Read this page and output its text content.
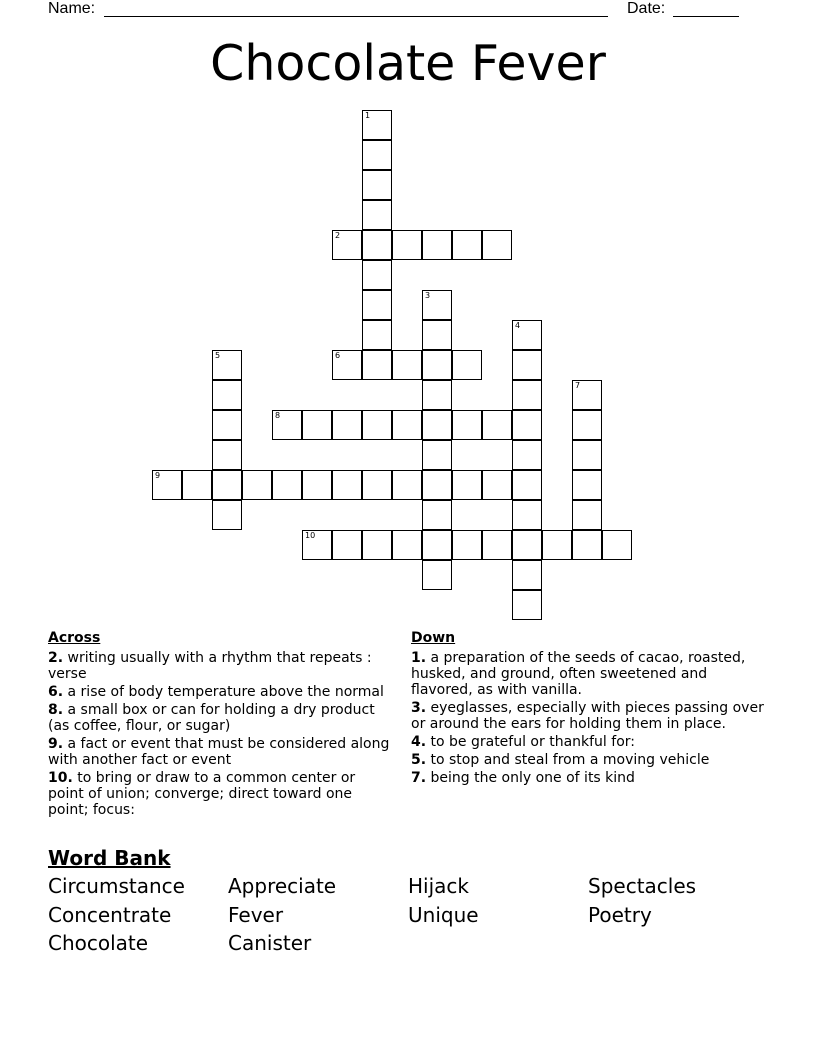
Name:	Date:
Chocolate Fever
1
2
3
4
5	6
7
8
9
10
Across
2. writing usually with a rhythm that repeats : verse
6. a rise of body temperature above the normal
8. a small box or can for holding a dry product (as coffee, flour, or sugar)
9. a fact or event that must be considered along with another fact or event
10. to bring or draw to a common center or point of union; converge; direct toward one point; focus:
Down
1. a preparation of the seeds of cacao, roasted, husked, and ground, often sweetened and flavored, as with vanilla.
3. eyeglasses, especially with pieces passing over or around the ears for holding them in place.
4. to be grateful or thankful for:
5. to stop and steal from a moving vehicle
7. being the only one of its kind
Word Bank
Circumstance Appreciate	Hijack	Spectacles
Concentrate	Fever	Unique	Poetry
Chocolate	Canister
